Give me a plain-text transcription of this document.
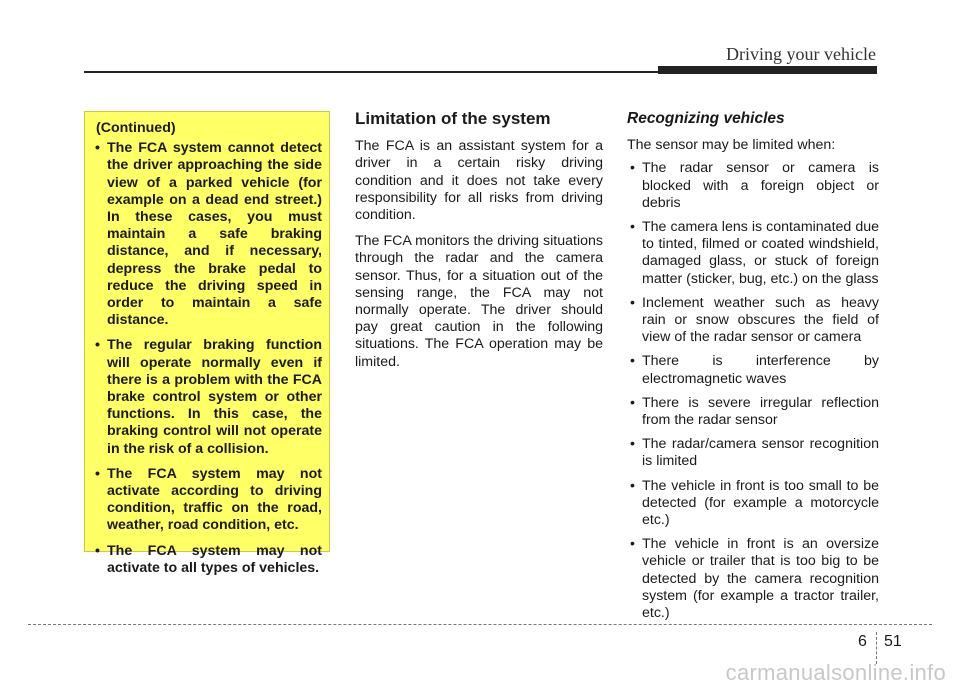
Driving your vehicle
(Continued)
• The FCA system cannot detect the driver approaching the side view of a parked vehicle (for example on a dead end street.) In these cases, you must maintain a safe braking distance, and if necessary, depress the brake pedal to reduce the driving speed in order to maintain a safe distance.
• The regular braking function will operate normally even if there is a problem with the FCA brake control system or other functions. In this case, the braking control will not operate in the risk of a collision.
• The FCA system may not activate according to driving condition, traffic on the road, weather, road condition, etc.
• The FCA system may not activate to all types of vehicles.
Limitation of the system

The FCA is an assistant system for a driver in a certain risky driving condition and it does not take every responsibility for all risks from driving condition.

The FCA monitors the driving situations through the radar and the camera sensor. Thus, for a situation out of the sensing range, the FCA may not normally operate. The driver should pay great caution in the following situations. The FCA operation may be limited.

Recognizing vehicles

The sensor may be limited when:

• The radar sensor or camera is blocked with a foreign object or debris
• The camera lens is contaminated due to tinted, filmed or coated windshield, damaged glass, or stuck of foreign matter (sticker, bug, etc.) on the glass
• Inclement weather such as heavy rain or snow obscures the field of view of the radar sensor or camera
• There is interference by electromagnetic waves
• There is severe irregular reflection from the radar sensor
• The radar/camera sensor recognition is limited
• The vehicle in front is too small to be detected (for example a motorcycle etc.)
• The vehicle in front is an oversize vehicle or trailer that is too big to be detected by the camera recognition system (for example a tractor trailer, etc.)
6 51
carmanualsonline.info
